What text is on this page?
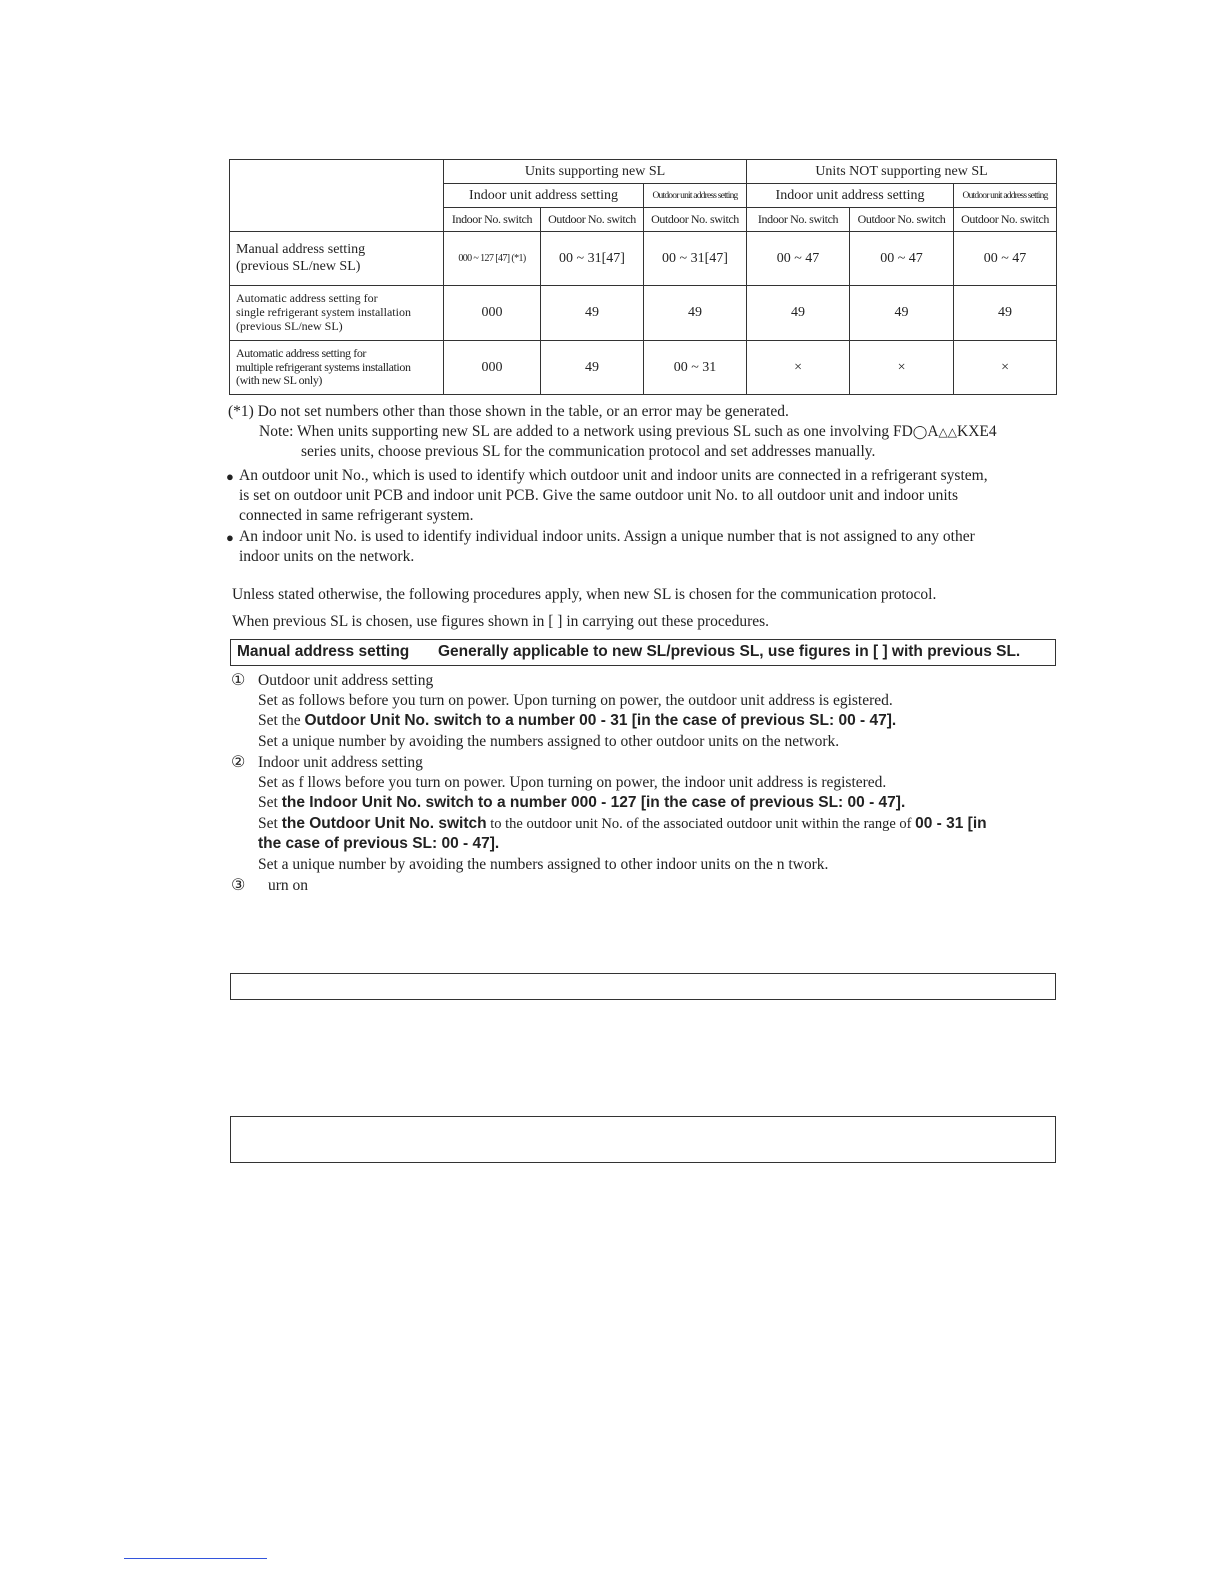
	Units supporting new SL			Units NOT supporting new SL		
	Indoor unit address setting		Outdoor unit address setting	Indoor unit address setting		Outdoor unit address setting
	Indoor No. switch	Outdoor No. switch	Outdoor No. switch	Indoor No. switch	Outdoor No. switch	Outdoor No. switch

Manual address setting
(previous SL/new SL)	000 ~ 127 [47] (*1)	00 ~ 31[47]	00 ~ 31[47]	00 ~ 47	00 ~ 47	00 ~ 47

Automatic address setting for
single refrigerant system installation
(previous SL/new SL)	000	49	49	49	49	49

Automatic address setting for
multiple refrigerant systems installation
(with new SL only)	000	49	00 ~ 31	×	×	×
(*1) Do not set numbers other than those shown in the table, or an error may be generated.
Note: When units supporting new SL are added to a network using previous SL such as one involving FD◯A△△KXE4
series units, choose previous SL for the communication protocol and set addresses manually.
● An outdoor unit No., which is used to identify which outdoor unit and indoor units are connected in a refrigerant system,
is set on outdoor unit PCB and indoor unit PCB. Give the same outdoor unit No. to all outdoor unit and indoor units
connected in same refrigerant system.
● An indoor unit No. is used to identify individual indoor units. Assign a unique number that is not assigned to any other
indoor units on the network.
Unless stated otherwise, the following procedures apply, when new SL is chosen for the communication protocol.
When previous SL is chosen, use figures shown in [ ] in carrying out these procedures.
Manual address setting Generally applicable to new SL/previous SL, use figures in [ ] with previous SL.
① Outdoor unit address setting
Set as follows before you turn on power. Upon turning on power, the outdoor unit address is egistered.
Set the Outdoor Unit No. switch to a number 00 - 31 [in the case of previous SL: 00 - 47].
Set a unique number by avoiding the numbers assigned to other outdoor units on the network.
② Indoor unit address setting
Set as f llows before you turn on power. Upon turning on power, the indoor unit address is registered.
Set the Indoor Unit No. switch to a number 000 - 127 [in the case of previous SL: 00 - 47].
Set the Outdoor Unit No. switch to the outdoor unit No. of the associated outdoor unit within the range of 00 - 31 [in
the case of previous SL: 00 - 47].
Set a unique number by avoiding the numbers assigned to other indoor units on the n twork.
③ urn on
